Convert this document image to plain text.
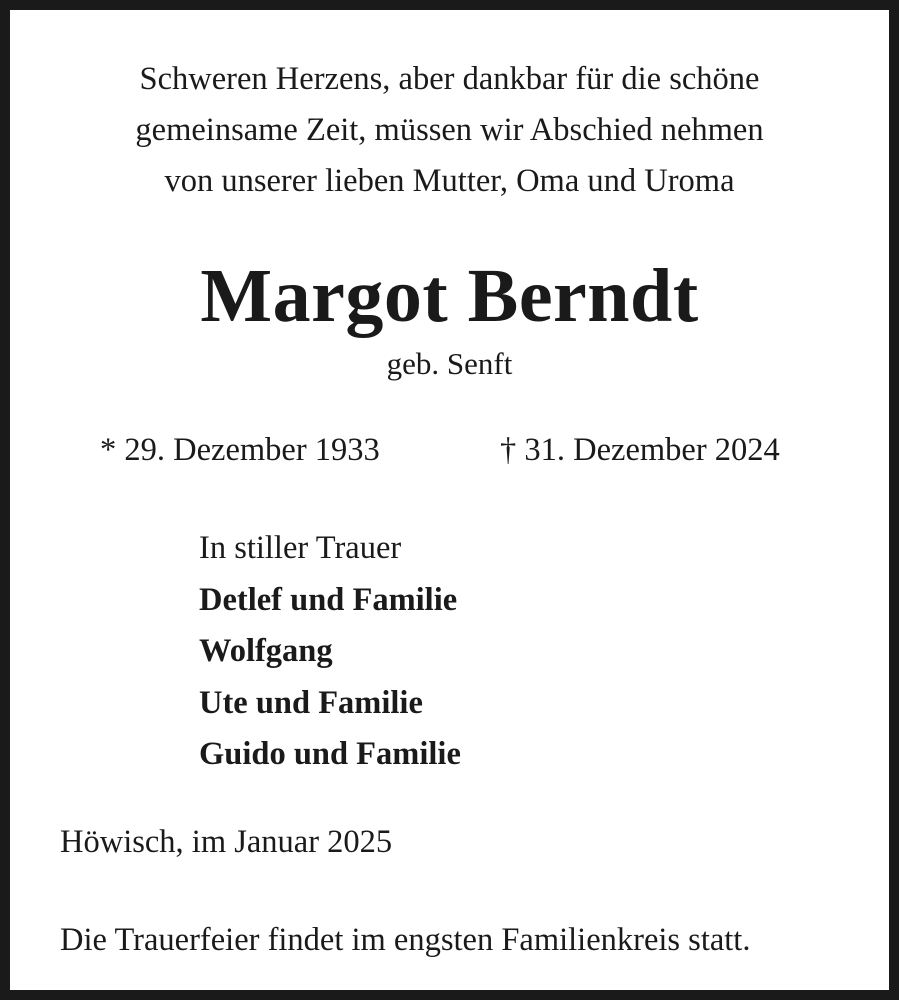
Schweren Herzens, aber dankbar für die schöne
gemeinsame Zeit, müssen wir Abschied nehmen
von unserer lieben Mutter, Oma und Uroma
Margot Berndt
geb. Senft
* 29. Dezember 1933	† 31. Dezember 2024
In stiller Trauer
Detlef und Familie
Wolfgang
Ute und Familie
Guido und Familie
Höwisch, im Januar 2025
Die Trauerfeier findet im engsten Familienkreis statt.
